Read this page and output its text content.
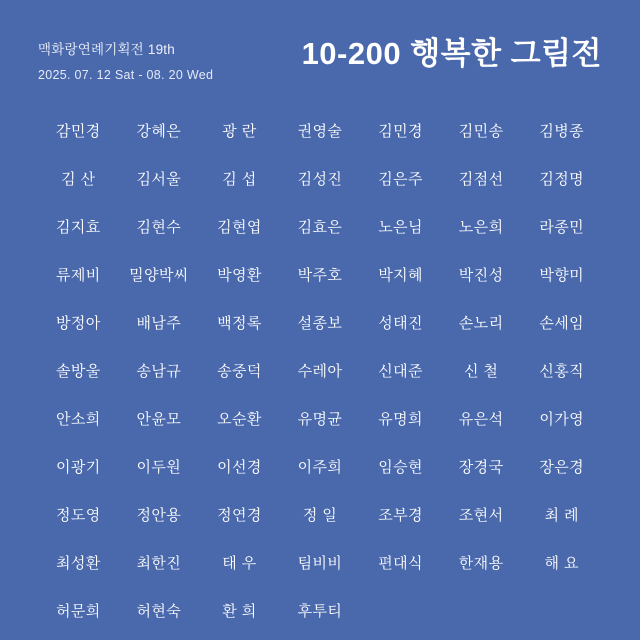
맥화랑연례기획전 19th
2025. 07. 12 Sat - 08. 20 Wed
10-200 행복한 그림전
감민경	강혜은	광 란	권영술	김민경	김민송	김병종
김 산	김서울	김 섭	김성진	김은주	김점선	김정명
김지효	김현수	김현엽	김효은	노은님	노은희	라종민
류제비	밀양박씨	박영환	박주호	박지혜	박진성	박향미
방정아	배남주	백정록	설종보	성태진	손노리	손세임
솔방울	송남규	송중덕	수레아	신대준	신 철	신홍직
안소희	안윤모	오순환	유명균	유명희	유은석	이가영
이광기	이두원	이선경	이주희	임승현	장경국	장은경
정도영	정안용	정연경	정 일	조부경	조현서	최 례
최성환	최한진	태 우	팀비비	편대식	한재용	해 요
허문희	허현숙	환 희	후투티
